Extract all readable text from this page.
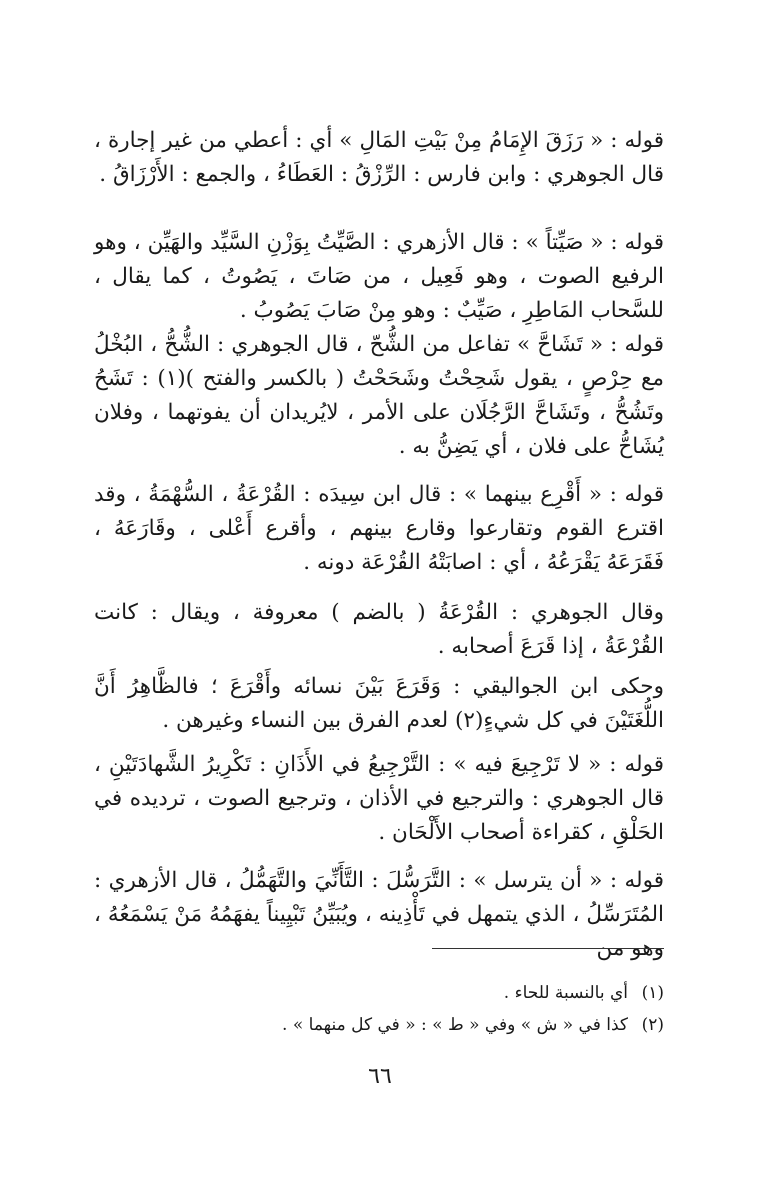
قوله : « رَزَقَ الإِمَامُ مِنْ بَيْتِ المَالِ » أي : أعطي من غير إجارة ، قال الجوهري : وابن فارس : الرِّزْقُ : العَطَاءُ ، والجمع : الأَرْزَاقُ .

قوله : « صَيِّتاً » : قال الأزهري : الصَّيِّتُ بِوَزْنِ السَّيِّد والهَيِّن ، وهو الرفيع الصوت ، وهو فَعِيل ، من صَاتَ ، يَصُوتُ ، كما يقال ، للسَّحاب المَاطِرِ ، صَيِّبٌ : وهو مِنْ صَابَ يَصُوبُ .

قوله : « تَشَاحَّ » تفاعل من الشُّحّ ، قال الجوهري : الشُّحُّ ، البُخْلُ مع حِرْصٍ ، يقول شَحِحْتُ وشَحَحْتُ ( بالكسر والفتح )(١) : تَشَحُ وتَشُحُّ ، وتَشَاحَّ الرَّجُلَان على الأمر ، لايُريدان أن يفوتهما ، وفلان يُشَاحُّ على فلان ، أي يَضِنُّ به .

قوله : « أَقْرِع بينهما » : قال ابن سِيدَه : القُرْعَةُ ، السُّهْمَةُ ، وقد اقترع القوم وتقارعوا وقارع بينهم ، وأقرع أَعْلى ، وقَارَعَهُ ، فَقَرَعَهُ يَقْرَعُهُ ، أي : اصابَتْهُ القُرْعَة دونه .

وقال الجوهري : القُرْعَةُ ( بالضم ) معروفة ، ويقال : كانت القُرْعَةُ ، إذا قَرَعَ أصحابه .

وحكى ابن الجواليقي : وَقَرَعَ بَيْنَ نسائه وأَقْرَعَ ؛ فالظَّاهِرُ أَنَّ اللُّغَتَيْنَ في كل شيءٍ(٢) لعدم الفرق بين النساء وغيرهن .

قوله : « لا تَرْجِيعَ فيه » : التَّرْجِيعُ في الأَذَانِ : تَكْرِيرُ الشَّهادَتَيْنِ ، قال الجوهري : والترجيع في الأذان ، وترجيع الصوت ، ترديده في الحَلْقِ ، كقراءة أصحاب الأَلْحَان .

قوله : « أن يترسل » : التَّرَسُّلَ : التَّأَنِّيَ والتَّهَمُّلُ ، قال الأزهري : المُتَرَسِّلُ ، الذي يتمهل في تَأْذِينه ، ويُبَيِّنُ تَبْيِيناً يفهَمُهُ مَنْ يَسْمَعُهُ ، وهو من

(١)أي بالنسبة للحاء .
(٢)كذا في « ش » وفي « ط » : « في كل منهما » .
٦٦
